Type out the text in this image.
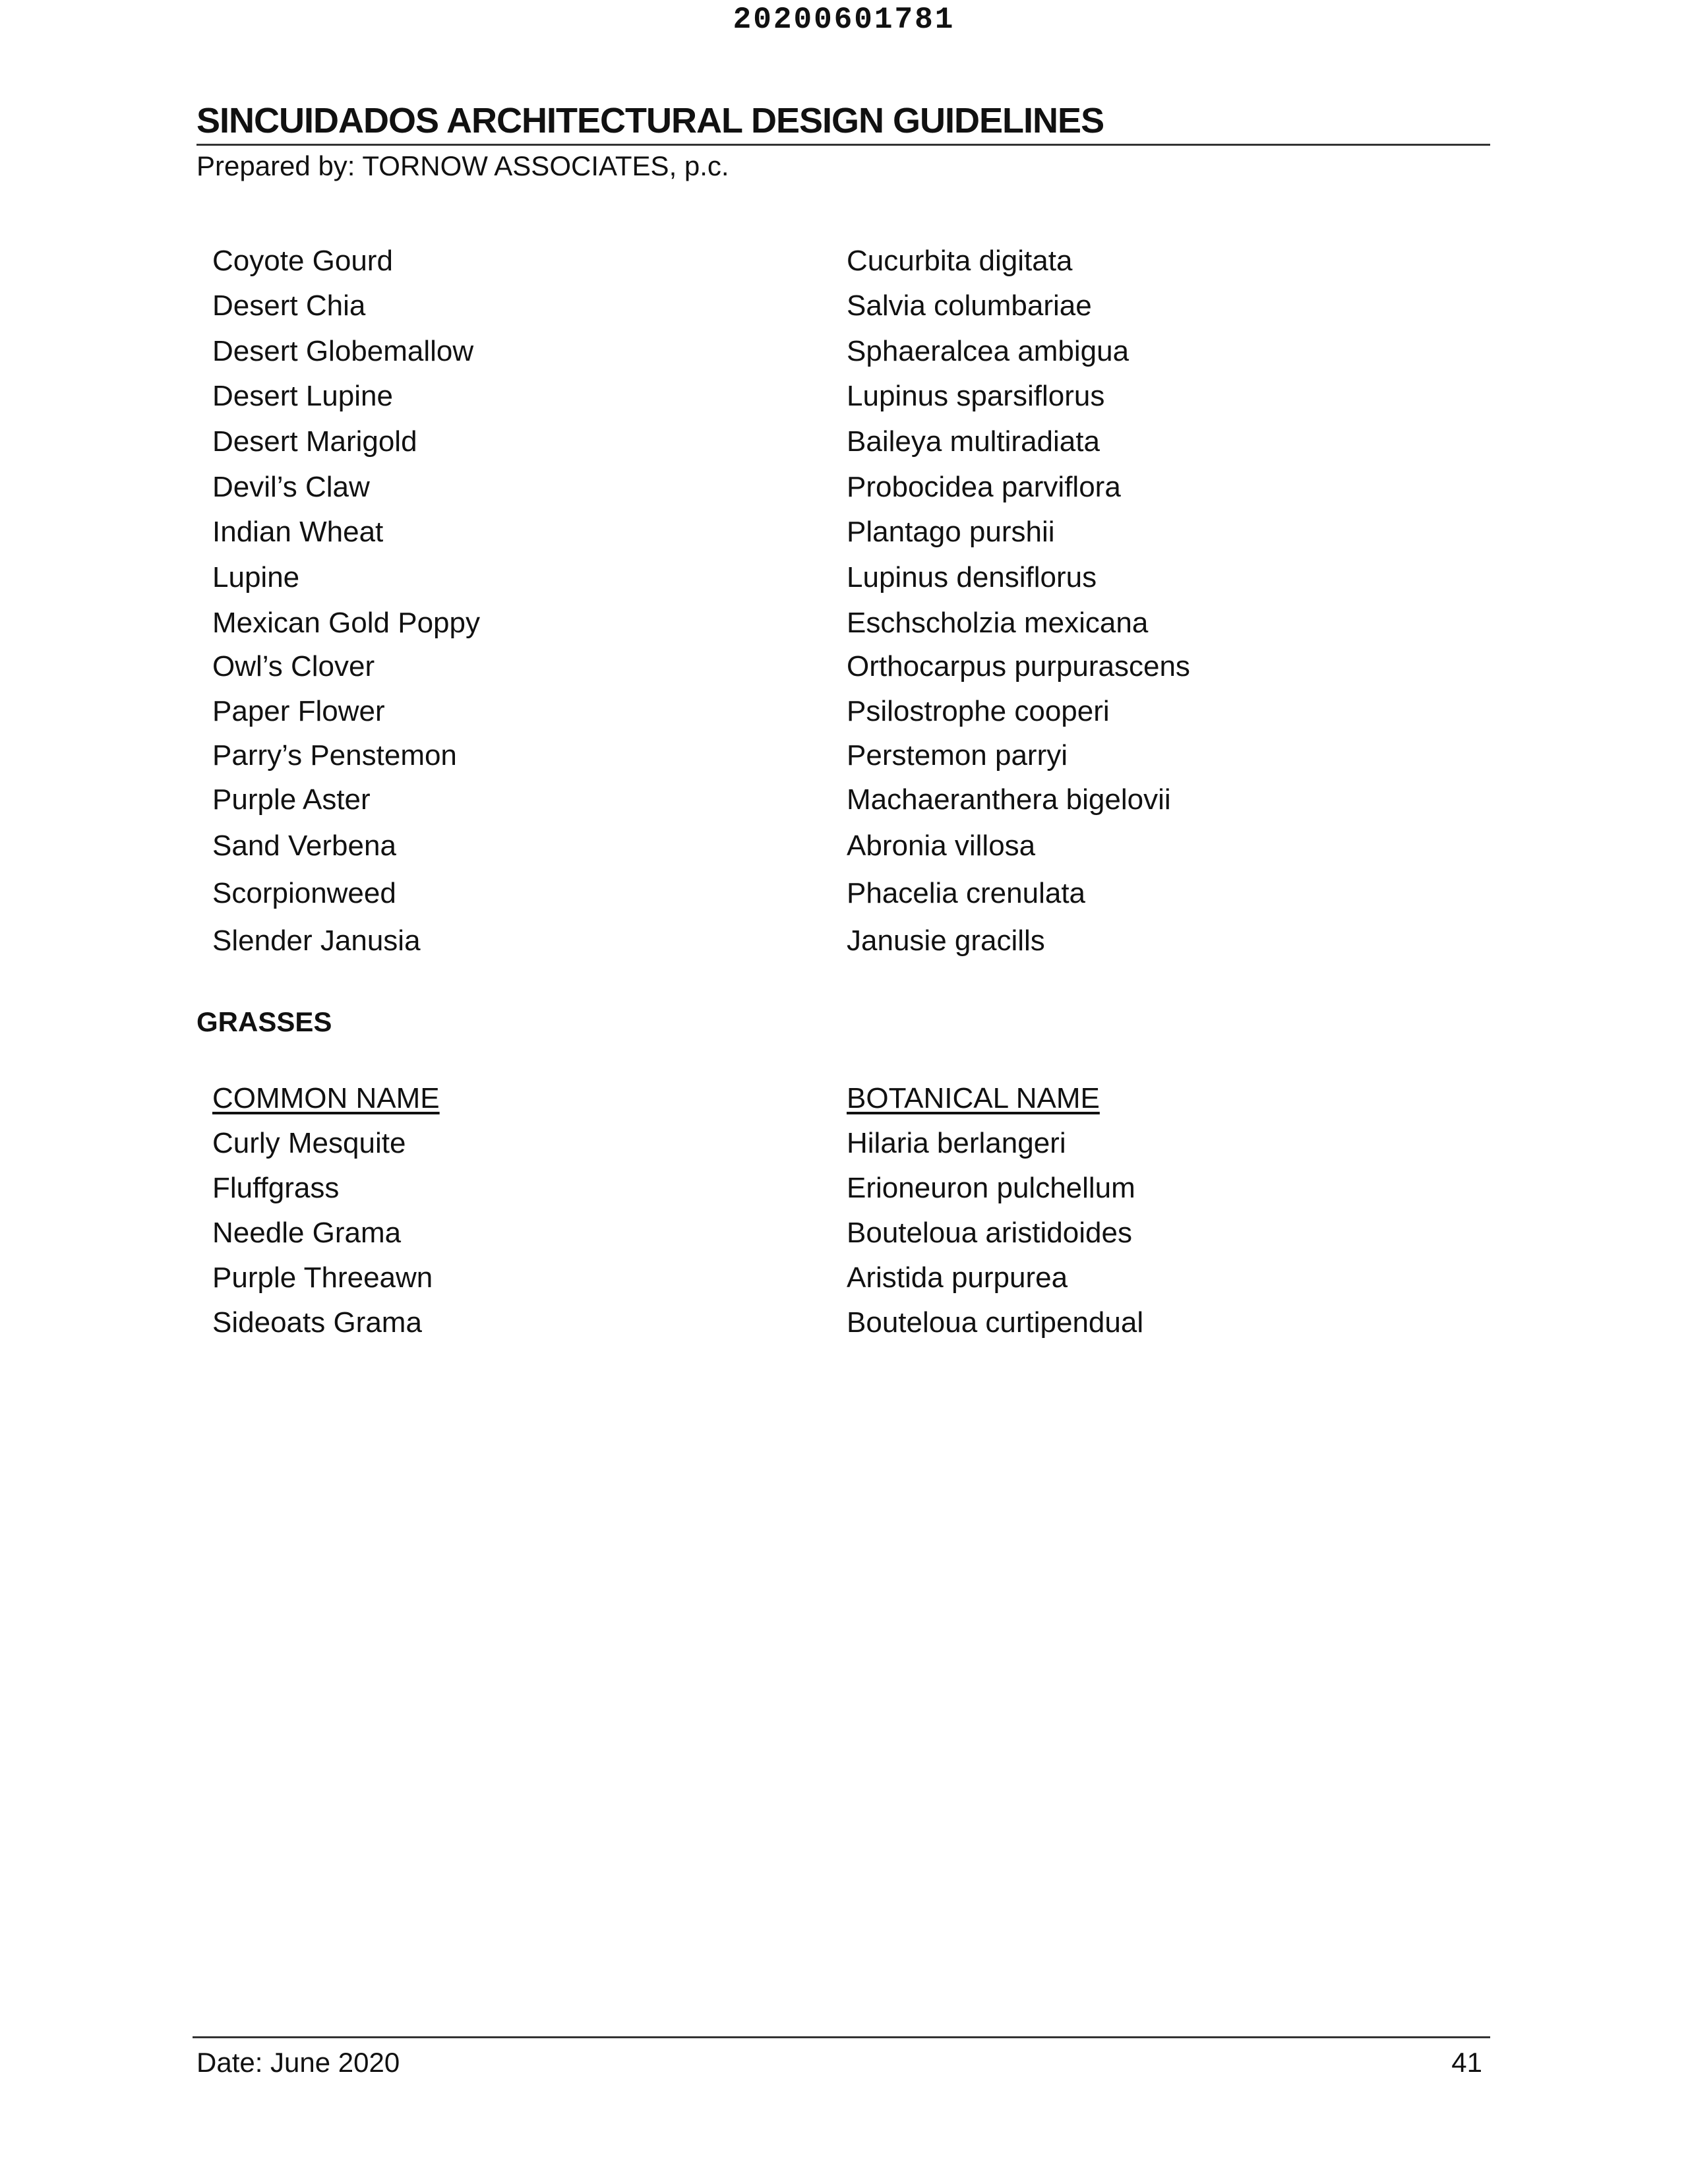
20200601781
SINCUIDADOS ARCHITECTURAL DESIGN GUIDELINES
Prepared by: TORNOW ASSOCIATES, p.c.
Coyote Gourd	Cucurbita digitata
Desert Chia	Salvia columbariae
Desert Globemallow	Sphaeralcea ambigua
Desert Lupine	Lupinus sparsiflorus
Desert Marigold	Baileya multiradiata
Devil’s Claw	Probocidea parviflora
Indian Wheat	Plantago purshii
Lupine	Lupinus densiflorus
Mexican Gold Poppy	Eschscholzia mexicana
Owl’s Clover	Orthocarpus purpurascens
Paper Flower	Psilostrophe cooperi
Parry’s Penstemon	Perstemon parryi
Purple Aster	Machaeranthera bigelovii
Sand Verbena	Abronia villosa
Scorpionweed	Phacelia crenulata
Slender Janusia	Janusie gracills
GRASSES
COMMON NAME	BOTANICAL NAME
Curly Mesquite	Hilaria berlangeri
Fluffgrass	Erioneuron pulchellum
Needle Grama	Bouteloua aristidoides
Purple Threeawn	Aristida purpurea
Sideoats Grama	Bouteloua curtipendual
Date: June 2020	41
